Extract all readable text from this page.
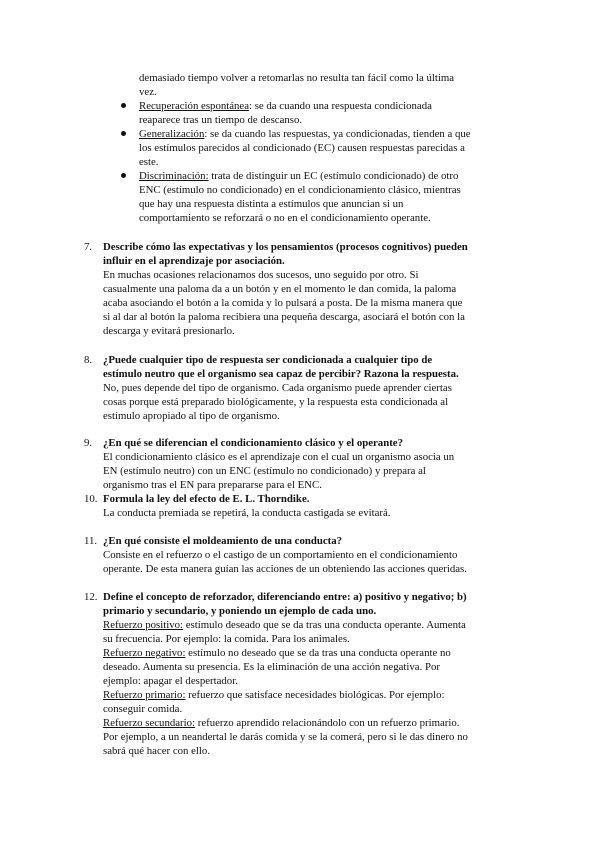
demasiado tiempo volver a retomarlas no resulta tan fácil como la última
vez.
Recuperación espontánea: se da cuando una respuesta condicionada
reaparece tras un tiempo de descanso.
Generalización: se da cuando las respuestas, ya condicionadas, tienden a que
los estímulos parecidos al condicionado (EC) causen respuestas parecidas a
este.
Discriminación: trata de distinguir un EC (estímulo condicionado) de otro
ENC (estímulo no condicionado) en el condicionamiento clásico, mientras
que hay una respuesta distinta a estímulos que anuncian si un
comportamiento se reforzará o no en el condicionamiento operante.
7. Describe cómo las expectativas y los pensamientos (procesos cognitivos) pueden
influir en el aprendizaje por asociación.
En muchas ocasiones relacionamos dos sucesos, uno seguido por otro. Si
casualmente una paloma da a un botón y en el momento le dan comida, la paloma
acaba asociando el botón a la comida y lo pulsará a posta. De la misma manera que
si al dar al botón la paloma recibiera una pequeña descarga, asociará el botón con la
descarga y evitará presionarlo.
8. ¿Puede cualquier tipo de respuesta ser condicionada a cualquier tipo de
estímulo neutro que el organismo sea capaz de percibir? Razona la respuesta.
No, pues depende del tipo de organismo. Cada organismo puede aprender ciertas
cosas porque está preparado biológicamente, y la respuesta esta condicionada al
estímulo apropiado al tipo de organismo.
9. ¿En qué se diferencian el condicionamiento clásico y el operante?
El condicionamiento clásico es el aprendizaje con el cual un organismo asocia un
EN (estímulo neutro) con un ENC (estímulo no condicionado) y prepara al
organismo tras el EN para prepararse para el ENC.
10. Formula la ley del efecto de E. L. Thorndike.
La conducta premiada se repetirá, la conducta castigada se evitará.
11. ¿En qué consiste el moldeamiento de una conducta?
Consiste en el refuerzo o el castigo de un comportamiento en el condicionamiento
operante. De esta manera guían las acciones de un obteniendo las acciones queridas.
12. Define el concepto de reforzador, diferenciando entre: a) positivo y negativo; b)
primario y secundario, y poniendo un ejemplo de cada uno.
Refuerzo positivo: estímulo deseado que se da tras una conducta operante. Aumenta
su frecuencia. Por ejemplo: la comida. Para los animales.
Refuerzo negativo: estímulo no deseado que se da tras una conducta operante no
deseado. Aumenta su presencia. Es la eliminación de una acción negativa. Por
ejemplo: apagar el despertador.
Refuerzo primario: refuerzo que satisface necesidades biológicas. Por ejemplo:
conseguir comida.
Refuerzo secundario: refuerzo aprendido relacionándolo con un refuerzo primario.
Por ejemplo, a un neandertal le darás comida y se la comerá, pero si le das dinero no
sabrá qué hacer con ello.
